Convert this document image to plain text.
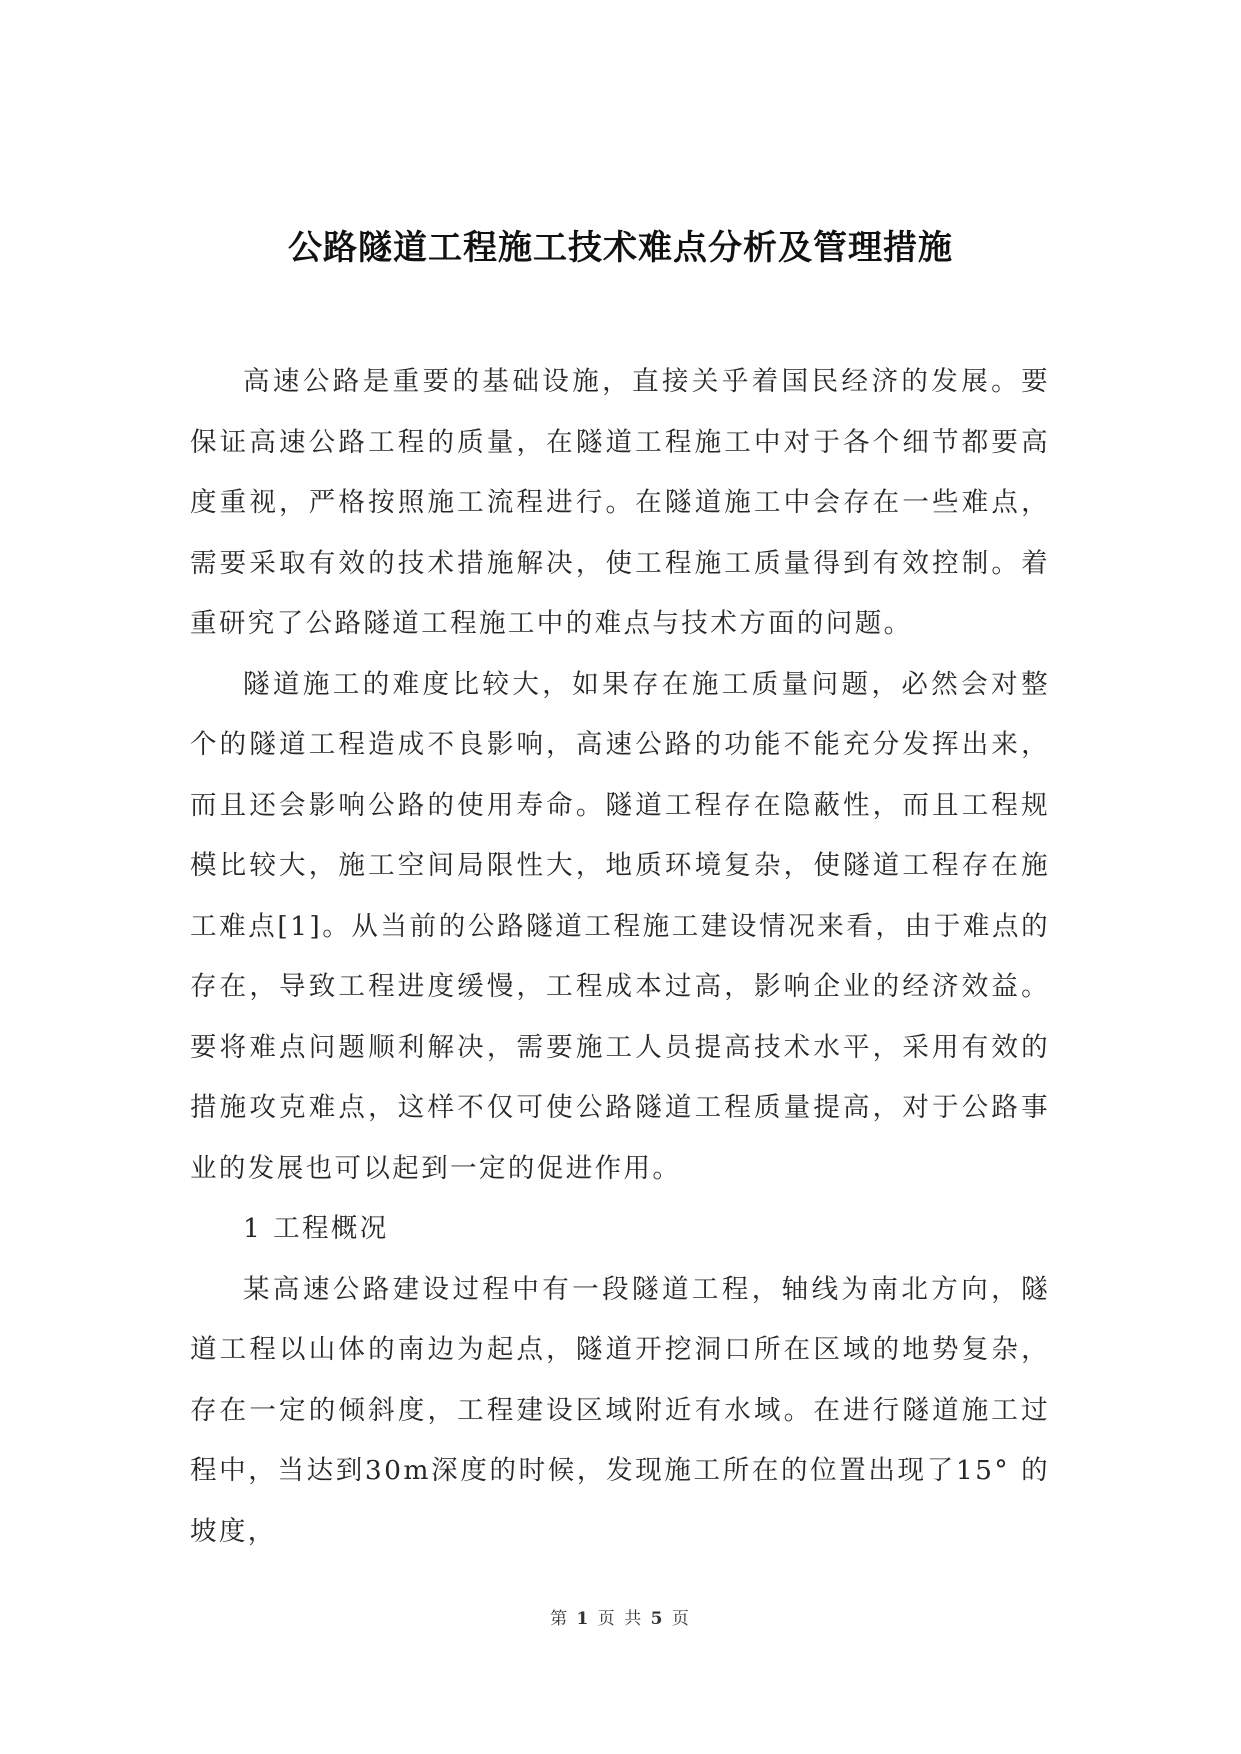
公路隧道工程施工技术难点分析及管理措施

高速公路是重要的基础设施，直接关乎着国民经济的发展。要保证高速公路工程的质量，在隧道工程施工中对于各个细节都要高度重视，严格按照施工流程进行。在隧道施工中会存在一些难点，需要采取有效的技术措施解决，使工程施工质量得到有效控制。着重研究了公路隧道工程施工中的难点与技术方面的问题。

隧道施工的难度比较大，如果存在施工质量问题，必然会对整个的隧道工程造成不良影响，高速公路的功能不能充分发挥出来，而且还会影响公路的使用寿命。隧道工程存在隐蔽性，而且工程规模比较大，施工空间局限性大，地质环境复杂，使隧道工程存在施工难点[1]。从当前的公路隧道工程施工建设情况来看，由于难点的存在，导致工程进度缓慢，工程成本过高，影响企业的经济效益。要将难点问题顺利解决，需要施工人员提高技术水平，采用有效的措施攻克难点，这样不仅可使公路隧道工程质量提高，对于公路事业的发展也可以起到一定的促进作用。

1 工程概况

某高速公路建设过程中有一段隧道工程，轴线为南北方向，隧道工程以山体的南边为起点，隧道开挖洞口所在区域的地势复杂，存在一定的倾斜度，工程建设区域附近有水域。在进行隧道施工过程中，当达到30m深度的时候，发现施工所在的位置出现了15° 的坡度，

第 1 页 共 5 页
